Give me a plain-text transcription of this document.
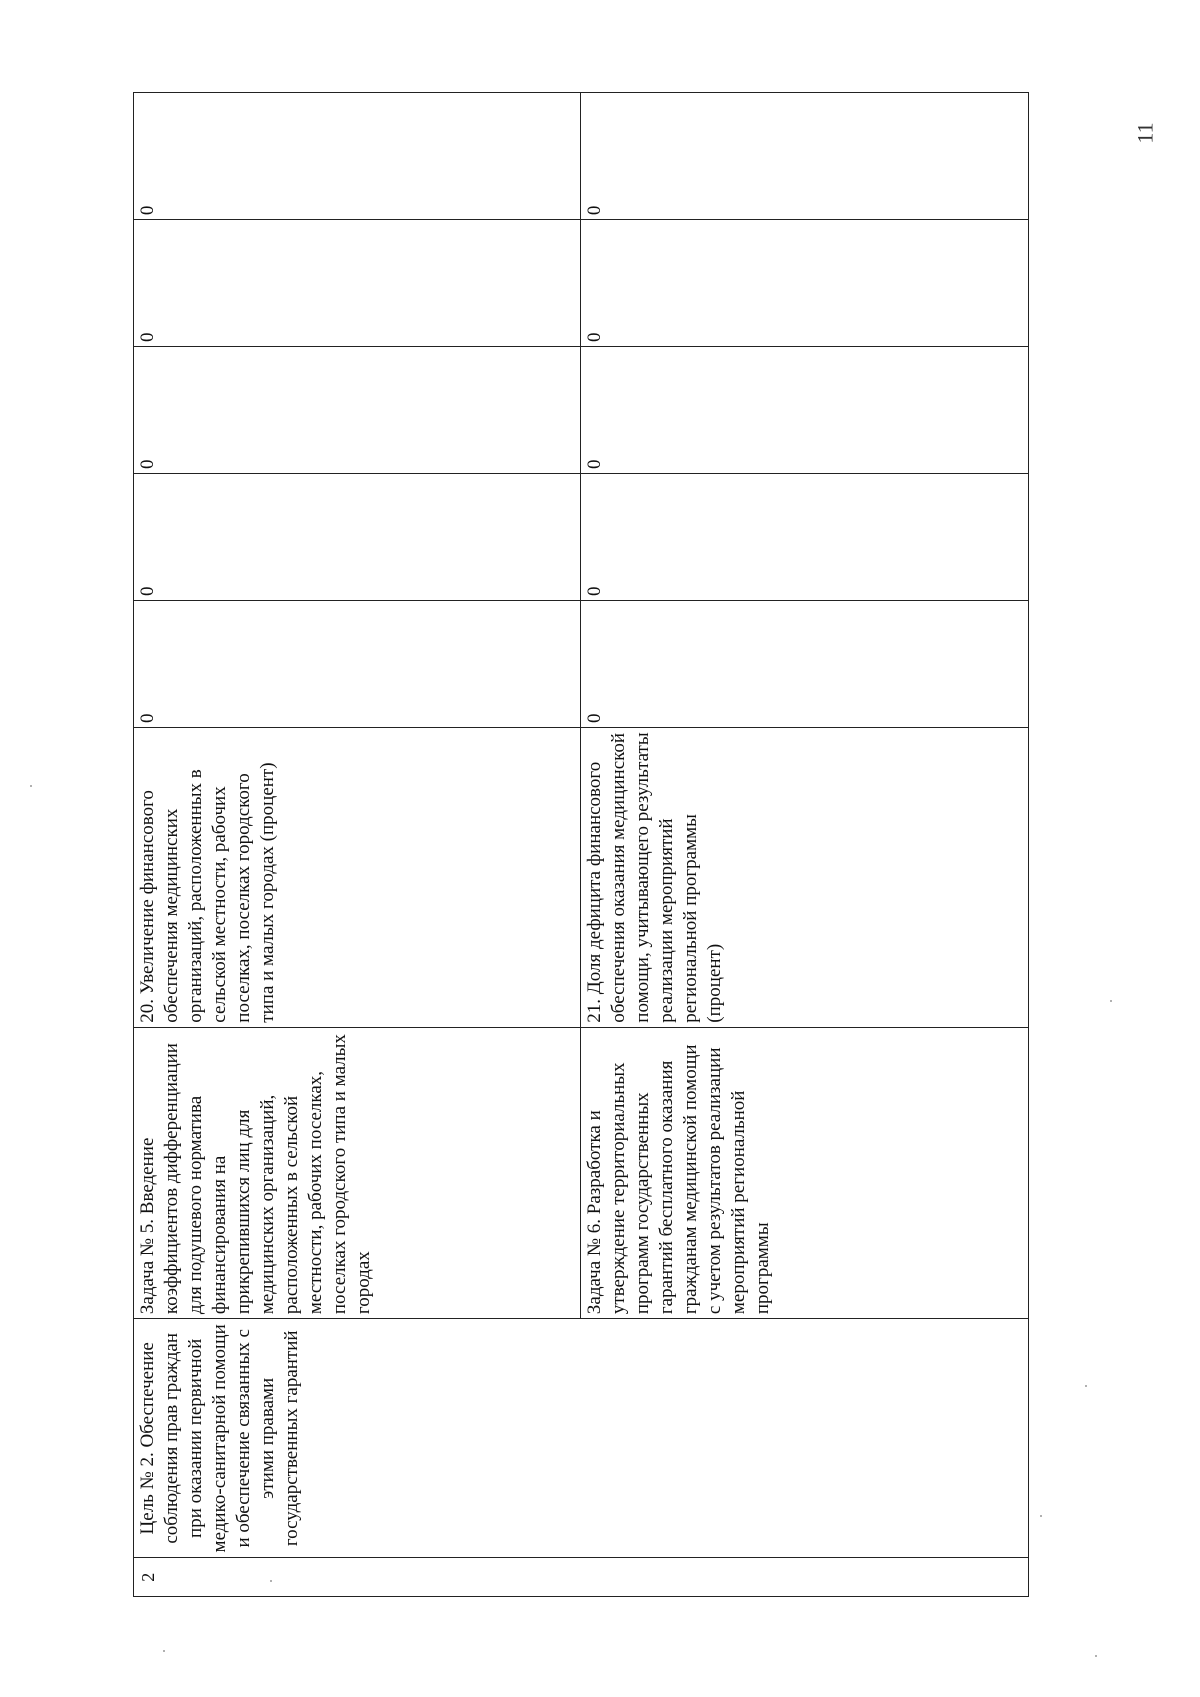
11
2	Цель № 2. Обеспечение соблюдения прав граждан при оказании первичной медико-санитарной помощи и обеспечение связанных с этими правами государственных гарантий	Задача № 5. Введение коэффициентов дифференциации для подушевого норматива финансирования на прикрепившихся лиц для медицинских организаций, расположенных в сельской местности, рабочих поселках, поселках городского типа и малых городах	20. Увеличение финансового обеспечения медицинских организаций, расположенных в сельской местности, рабочих поселках, поселках городского типа и малых городах (процент)	0	0	0	0	0
		Задача № 6. Разработка и утверждение территориальных программ государственных гарантий бесплатного оказания гражданам медицинской помощи с учетом результатов реализации мероприятий региональной программы	21. Доля дефицита финансового обеспечения оказания медицинской помощи, учитывающего результаты реализации мероприятий региональной программы (процент)	0	0	0	0	0
